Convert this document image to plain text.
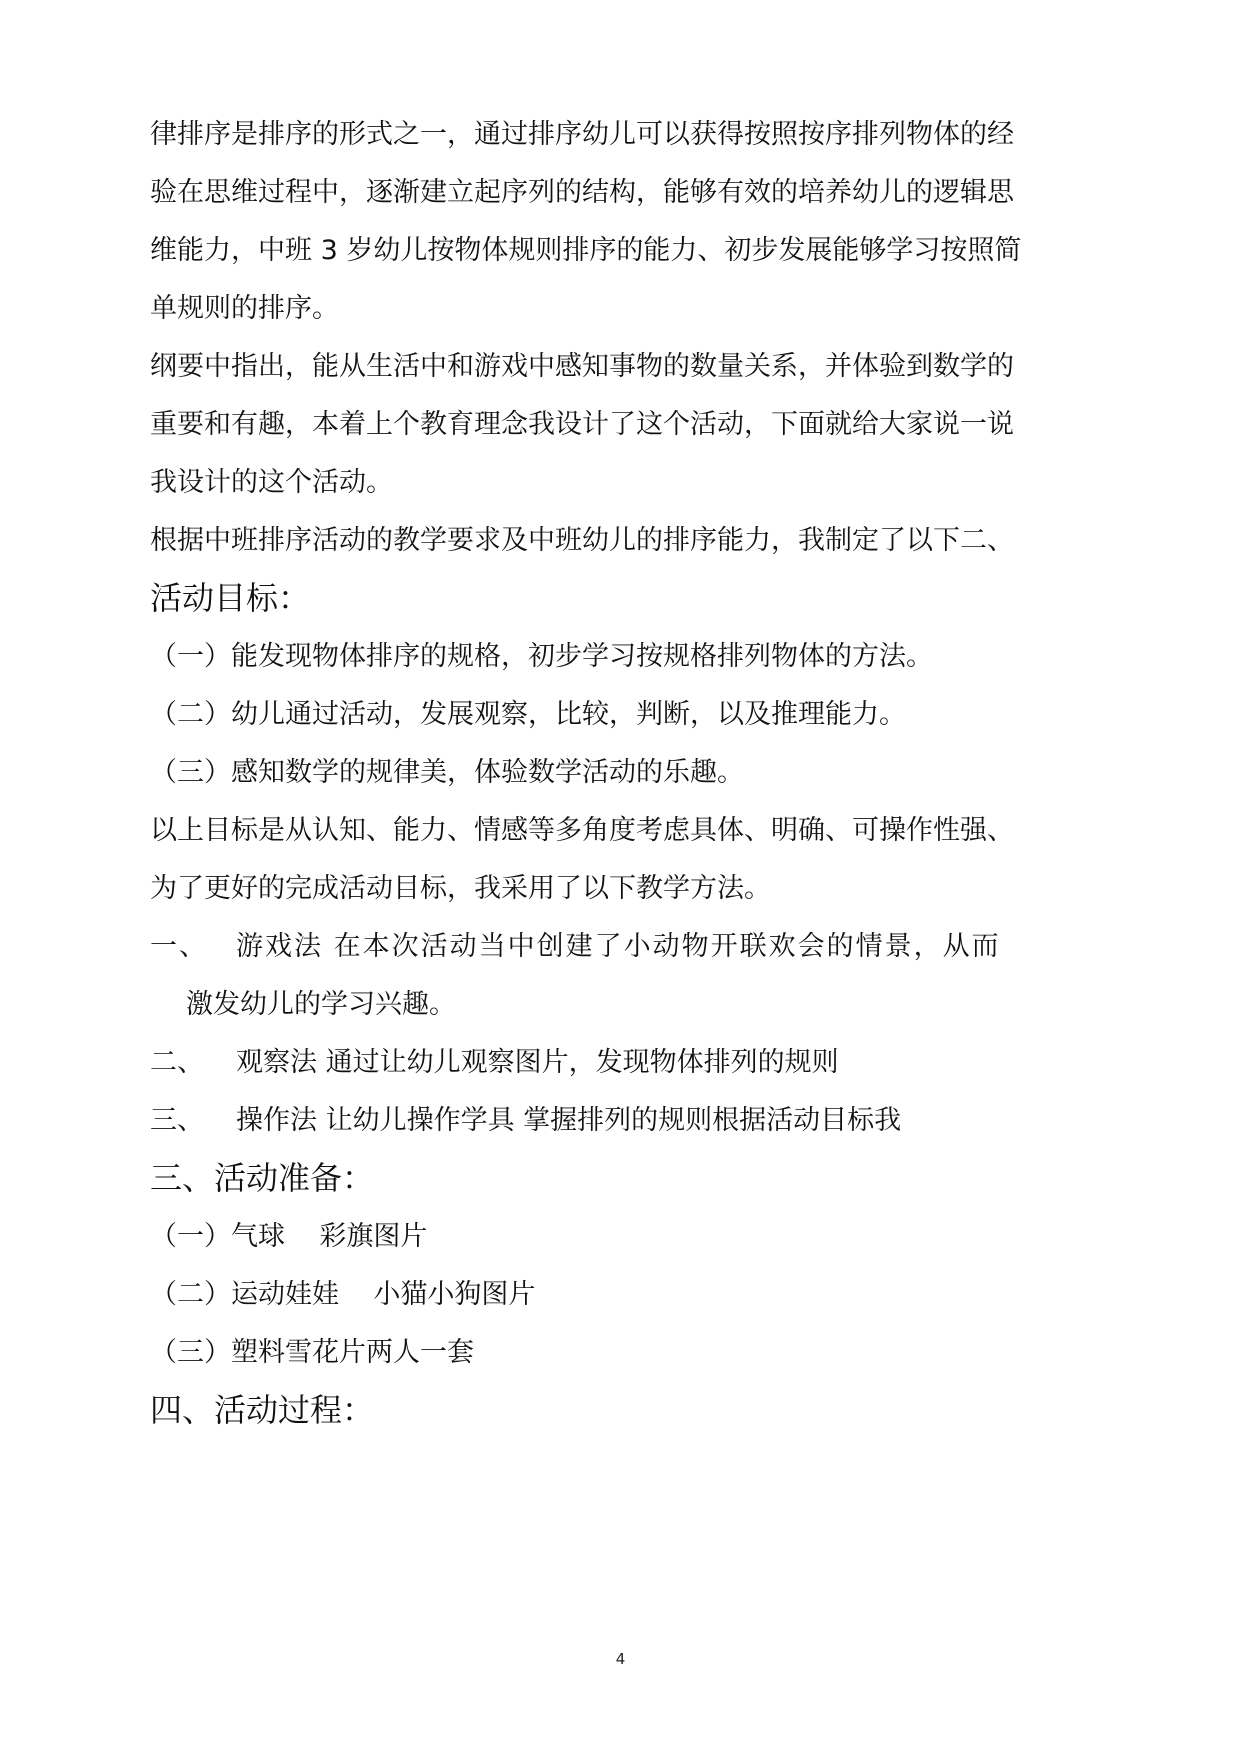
律排序是排序的形式之一，通过排序幼儿可以获得按照按序排列物体的经
验在思维过程中，逐渐建立起序列的结构，能够有效的培养幼儿的逻辑思
维能力，中班 3 岁幼儿按物体规则排序的能力、初步发展能够学习按照简
单规则的排序。
纲要中指出，能从生活中和游戏中感知事物的数量关系，并体验到数学的
重要和有趣，本着上个教育理念我设计了这个活动，下面就给大家说一说
我设计的这个活动。
根据中班排序活动的教学要求及中班幼儿的排序能力，我制定了以下二、
活动目标：
（一）能发现物体排序的规格，初步学习按规格排列物体的方法。
（二）幼儿通过活动，发展观察，比较，判断，以及推理能力。
（三）感知数学的规律美，体验数学活动的乐趣。
以上目标是从认知、能力、情感等多角度考虑具体、明确、可操作性强、
为了更好的完成活动目标，我采用了以下教学方法。
一、 游戏法 在本次活动当中创建了小动物开联欢会的情景，从而
激发幼儿的学习兴趣。
二、 观察法 通过让幼儿观察图片，发现物体排列的规则
三、 操作法 让幼儿操作学具 掌握排列的规则根据活动目标我
三、活动准备：
（一）气球    彩旗图片
（二）运动娃娃    小猫小狗图片
（三）塑料雪花片两人一套
四、活动过程：
4
